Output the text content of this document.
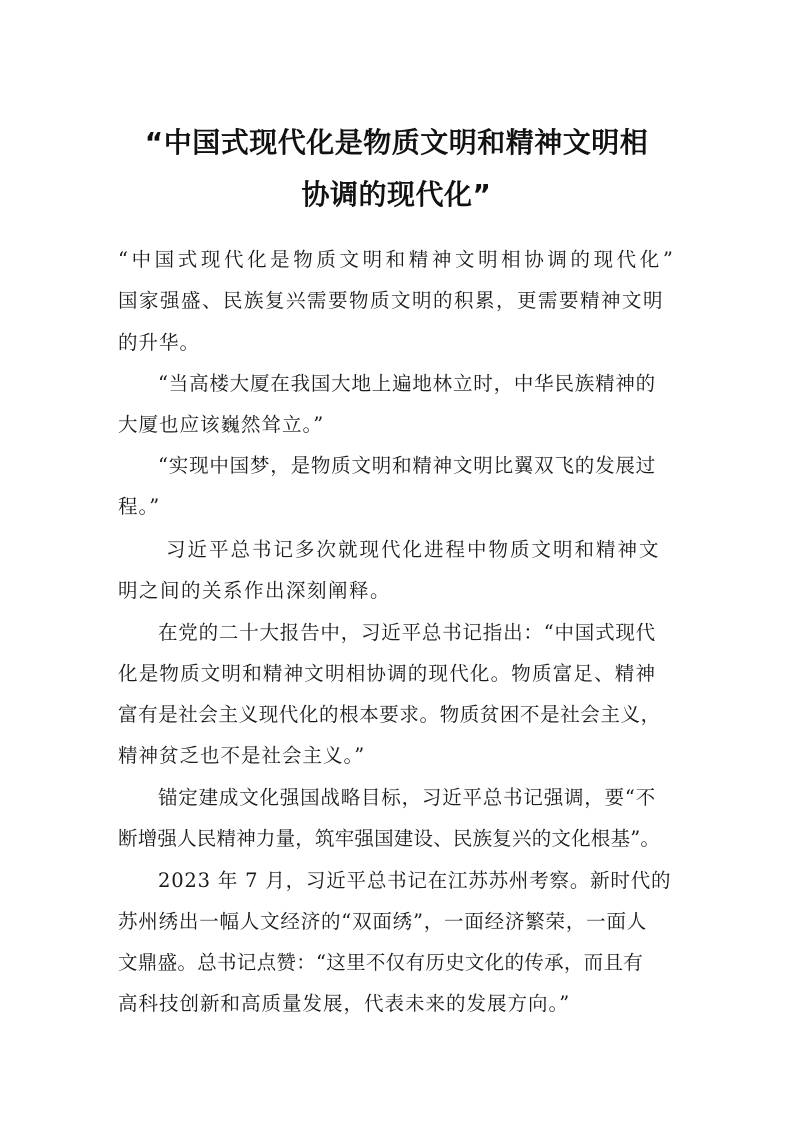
“中国式现代化是物质文明和精神文明相
协调的现代化”
“中国式现代化是物质文明和精神文明相协调的现代化”
国家强盛、民族复兴需要物质文明的积累，更需要精神文明
的升华。
“当高楼大厦在我国大地上遍地林立时，中华民族精神的
大厦也应该巍然耸立。”
“实现中国梦，是物质文明和精神文明比翼双飞的发展过
程。”
习近平总书记多次就现代化进程中物质文明和精神文
明之间的关系作出深刻阐释。
在党的二十大报告中，习近平总书记指出：“中国式现代
化是物质文明和精神文明相协调的现代化。物质富足、精神
富有是社会主义现代化的根本要求。物质贫困不是社会主义，
精神贫乏也不是社会主义。”
锚定建成文化强国战略目标，习近平总书记强调，要“不
断增强人民精神力量，筑牢强国建设、民族复兴的文化根基”。
2023 年 7 月，习近平总书记在江苏苏州考察。新时代的
苏州绣出一幅人文经济的“双面绣”，一面经济繁荣，一面人
文鼎盛。总书记点赞：“这里不仅有历史文化的传承，而且有
高科技创新和高质量发展，代表未来的发展方向。”
